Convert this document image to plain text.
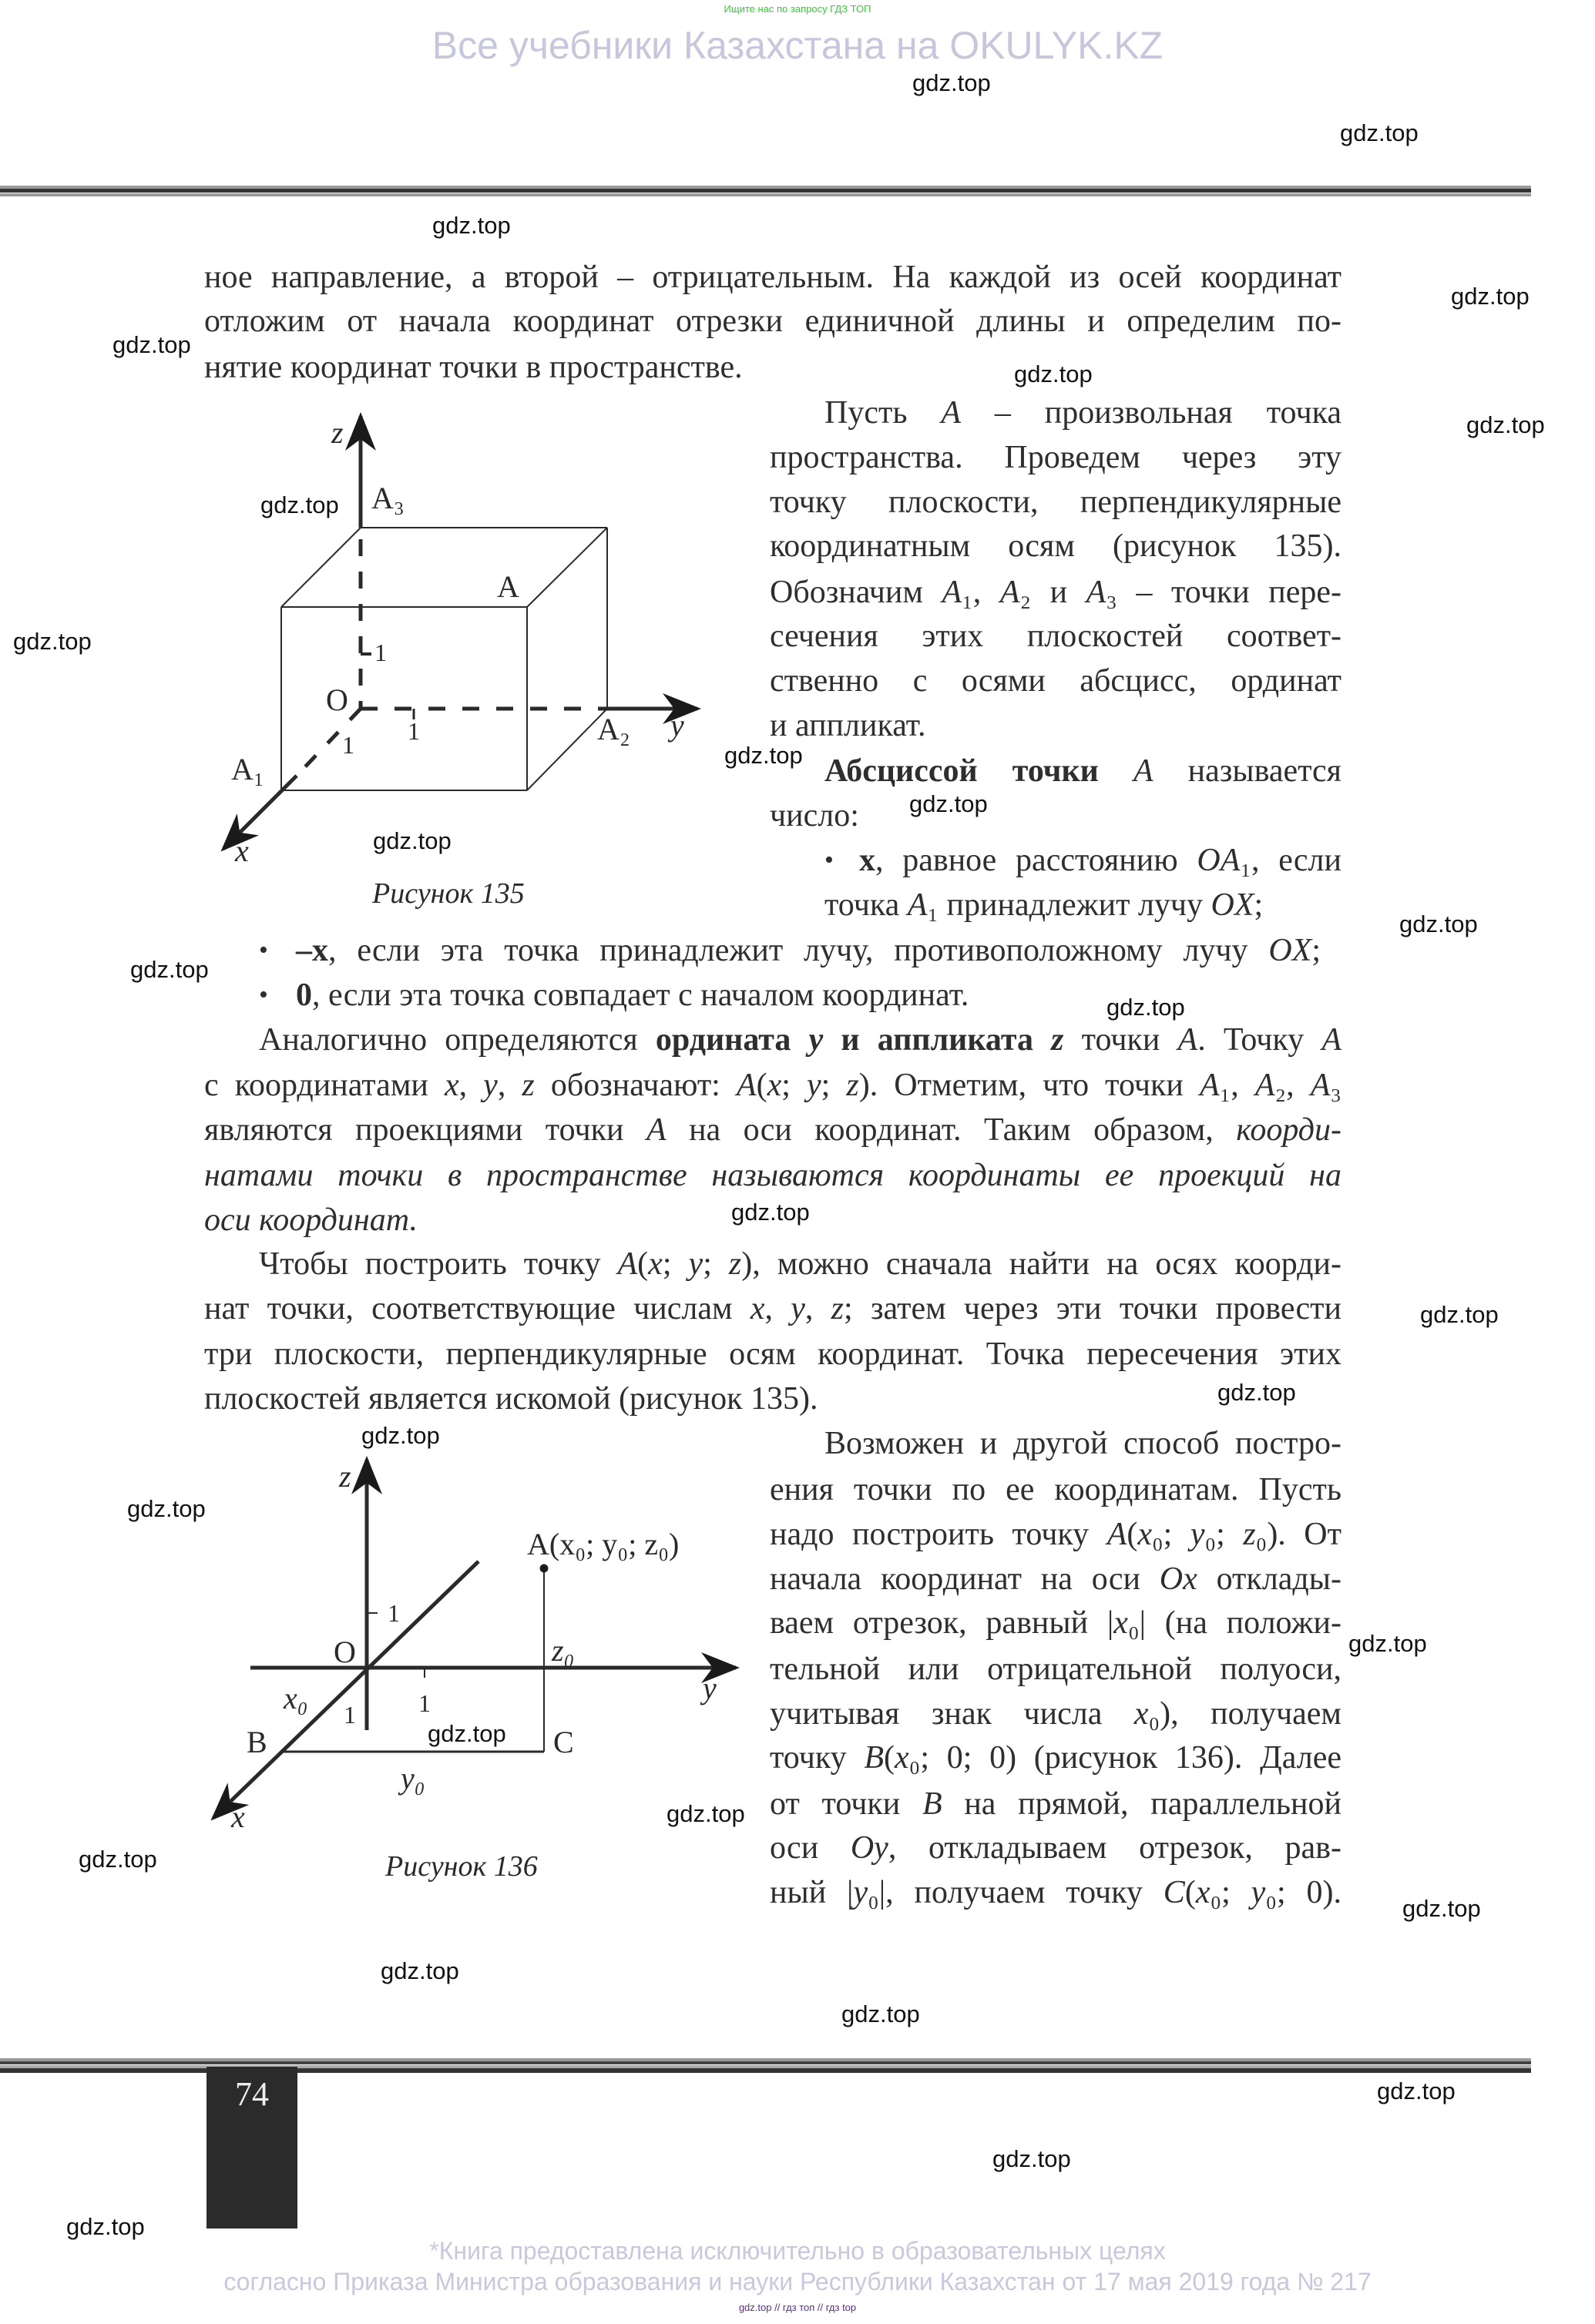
Ищите нас по запросу ГДЗ ТОП
Все учебники Казахстана на OKULYK.KZ
ное направление, а второй – отрицательным. На каждой из осей координат
отложим от начала координат отрезки единичной длины и определим по-
нятие координат точки в пространстве.
Пусть A – произвольная точка
пространства. Проведем через эту
точку плоскости, перпендикулярные
координатным осям (рисунок 135).
Обозначим A₁, A₂ и A₃ – точки пере-
сечения этих плоскостей соответ-
ственно с осями абсцисс, ординат
и аппликат.
Абсциссой точки A называется
число:
• x, равное расстоянию OA₁, если
точка A₁ принадлежит лучу OX;
• –x, если эта точка принадлежит лучу, противоположному лучу OX;
• 0, если эта точка совпадает с началом координат.
Аналогично определяются ордината y и аппликата z точки A. Точку A
с координатами x, y, z обозначают: A(x; y; z). Отметим, что точки A₁, A₂, A₃
являются проекциями точки A на оси координат. Таким образом, коорди-
натами точки в пространстве называются координаты ее проекций на
оси координат.
Чтобы построить точку A(x; y; z), можно сначала найти на осях коорди-
нат точки, соответствующие числам x, y, z; затем через эти точки провести
три плоскости, перпендикулярные осям координат. Точка пересечения этих
плоскостей является искомой (рисунок 135).
Возможен и другой способ постро-
ения точки по ее координатам. Пусть
надо построить точку A(x₀; y₀; z₀). От
начала координат на оси Ox отклады-
ваем отрезок, равный |x₀| (на положи-
тельной или отрицательной полуоси,
учитывая знак числа x₀), получаем
точку B(x₀; 0; 0) (рисунок 136). Далее
от точки B на прямой, параллельной
оси Oy, откладываем отрезок, рав-
ный |y₀|, получаем точку C(x₀; y₀; 0).
z
A₃
A
1
O
1
1
A₁
A₂ y
x
Рисунок 135
z
A(x₀; y₀; z₀)
1
O	z₀
1	y
x₀ 1
B	C
y₀
x
Рисунок 136
74
*Книга предоставлена исключительно в образовательных целях
согласно Приказа Министра образования и науки Республики Казахстан от 17 мая 2019 года № 217
gdz.top // гдз топ // гдз top
gdz.top
gdz.top
gdz.top
gdz.top
gdz.top
gdz.top
gdz.top
gdz.top
gdz.top
gdz.top
gdz.top
gdz.top
gdz.top
gdz.top
gdz.top
gdz.top
gdz.top
gdz.top
gdz.top
gdz.top
gdz.top
gdz.top
gdz.top
gdz.top
gdz.top
gdz.top
gdz.top
gdz.top
gdz.top
gdz.top
